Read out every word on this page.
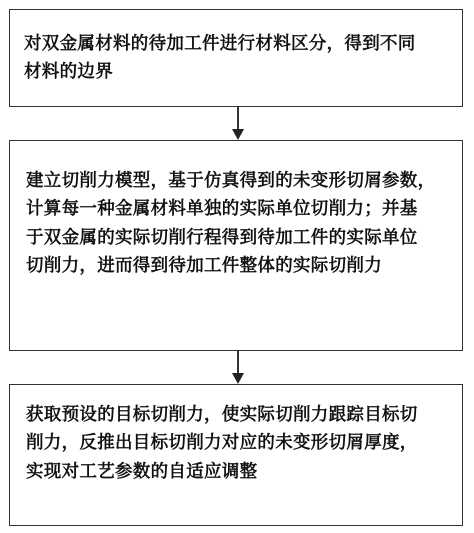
对双金属材料的待加工件进行材料区分，得到不同

材料的边界

建立切削力模型，基于仿真得到的未变形切屑参数，

计算每一种金属材料单独的实际单位切削力；并基

于双金属的实际切削行程得到待加工件的实际单位

切削力，进而得到待加工件整体的实际切削力

获取预设的目标切削力，使实际切削力跟踪目标切

削力，反推出目标切削力对应的未变形切屑厚度，

实现对工艺参数的自适应调整
